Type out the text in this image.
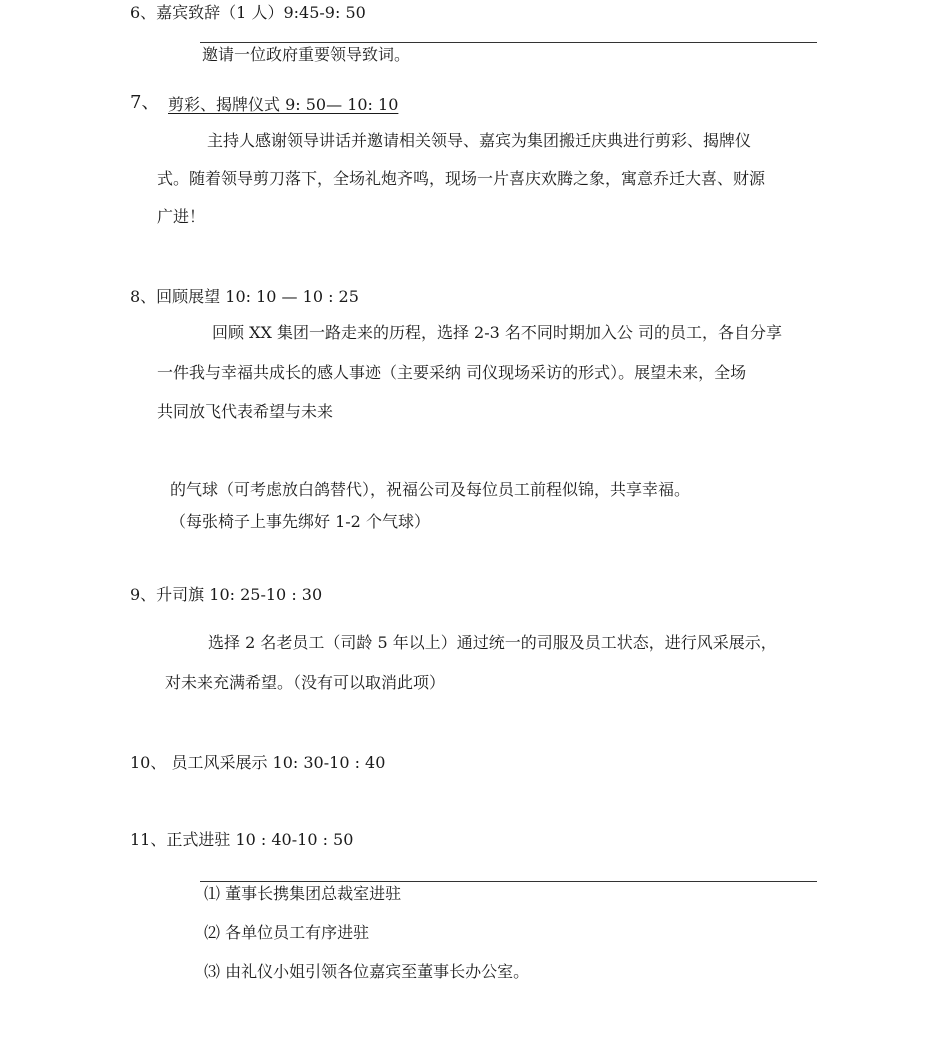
6、嘉宾致辞（1 人）9:45-9: 50
邀请一位政府重要领导致词。
7、 剪彩、揭牌仪式 9: 50— 10: 10
主持人感谢领导讲话并邀请相关领导、嘉宾为集团搬迁庆典进行剪彩、揭牌仪
式。随着领导剪刀落下，全场礼炮齐鸣，现场一片喜庆欢腾之象，寓意乔迁大喜、财源
广进！
8、回顾展望 10: 10 — 10 : 25
回顾 XX 集团一路走来的历程，选择 2-3 名不同时期加入公 司的员工，各自分享
一件我与幸福共成长的感人事迹（主要采纳 司仪现场采访的形式）。展望未来，全场
共同放飞代表希望与未来
的气球（可考虑放白鸽替代），祝福公司及每位员工前程似锦，共享幸福。
（每张椅子上事先绑好 1-2 个气球）
9、升司旗 10: 25-10 : 30
选择 2 名老员工（司龄 5 年以上）通过统一的司服及员工状态，进行风采展示，
对未来充满希望。（没有可以取消此项）
10、 员工风采展示 10: 30-10 : 40
11、正式进驻 10 : 40-10 : 50
⑴ 董事长携集团总裁室进驻
⑵ 各单位员工有序进驻
⑶ 由礼仪小姐引领各位嘉宾至董事长办公室。
